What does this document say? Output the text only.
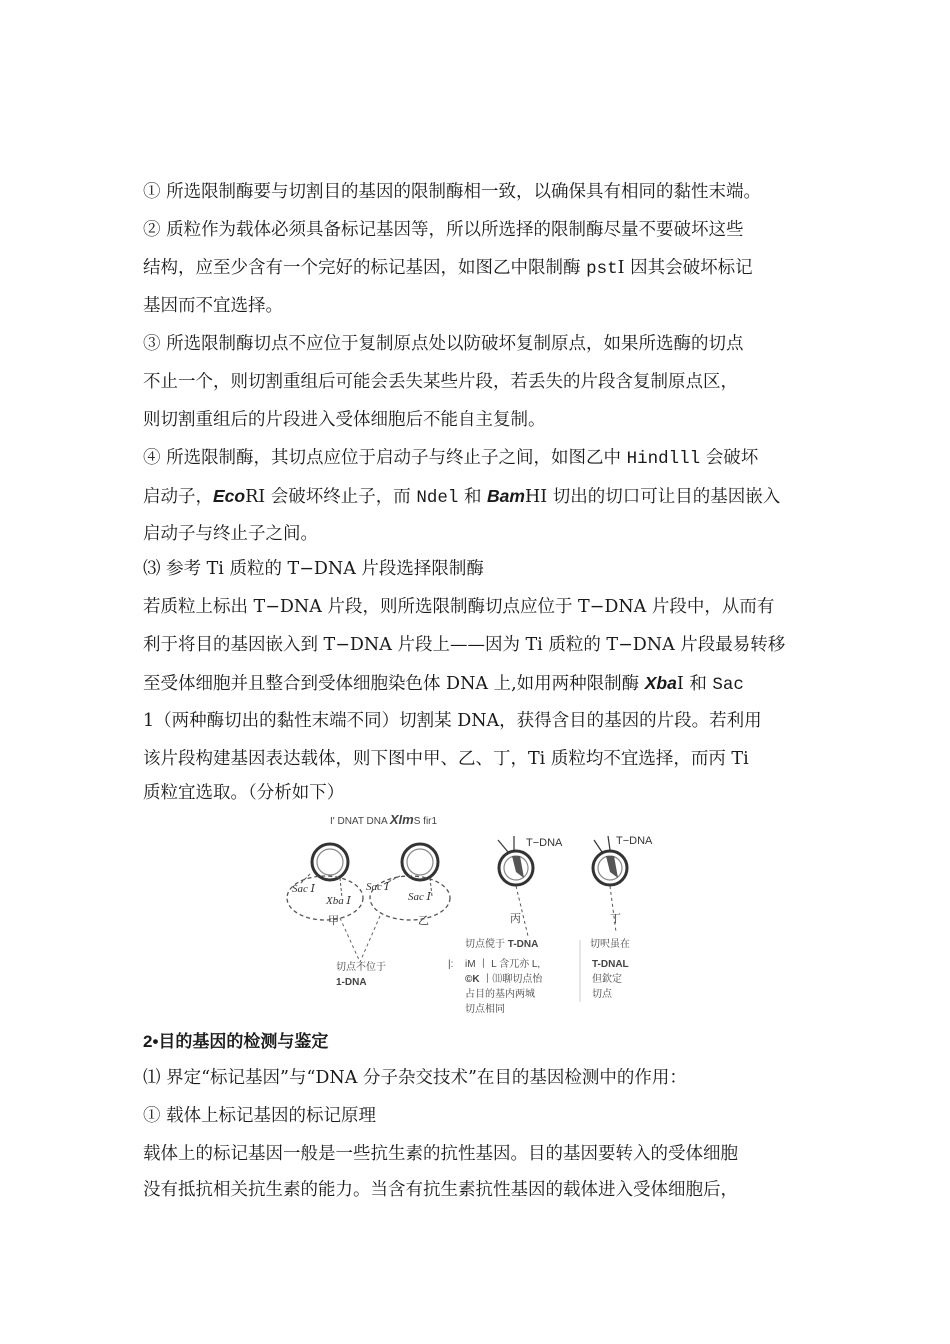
① 所选限制酶要与切割目的基因的限制酶相一致，以确保具有相同的黏性末端。
② 质粒作为载体必须具备标记基因等，所以所选择的限制酶尽量不要破坏这些
结构，应至少含有一个完好的标记基因，如图乙中限制酶 pstI 因其会破坏标记
基因而不宜选择。
③ 所选限制酶切点不应位于复制原点处以防破坏复制原点，如果所选酶的切点
不止一个，则切割重组后可能会丢失某些片段，若丢失的片段含复制原点区，
则切割重组后的片段进入受体细胞后不能自主复制。
④ 所选限制酶，其切点应位于启动子与终止子之间，如图乙中 Hindlll 会破坏
启动子，EcoRI 会破坏终止子，而 Ndel 和 BamHI 切出的切口可让目的基因嵌入
启动子与终止子之间。
⑶ 参考 Ti 质粒的 T−DNA 片段选择限制酶
若质粒上标出 T−DNA 片段，则所选限制酶切点应位于 T−DNA 片段中，从而有
利于将目的基因嵌入到 T−DNA 片段上——因为 Ti 质粒的 T−DNA 片段最易转移
至受体细胞并且整合到受体细胞染色体 DNA 上,如用两种限制酶 XbaI 和 Sac
1（两种酶切出的黏性末端不同）切割某 DNA，获得含目的基因的片段。若利用
该片段构建基因表达载体，则下图中甲、乙、丁，Ti 质粒均不宜选择，而丙 Ti
质粒宜选取。（分析如下）
I' DNAT DNA XImS fir1
Sac Ⅰ
Xba Ⅰ
甲
Sac Ⅰ
Sac Ⅰ
乙
T−DNA
丙
T−DNA
丁
切点不位于
1-DNA
切点傥于 T-DNA
|: iM 丨 L 含兀亦 L,
©K 丨⑾聊切点怡
占目的基内两城
切点相同
切呎虽在
T-DNAL
但欽定
切点
2•目的基因的检测与鉴定
⑴ 界定“标记基因”与“DNA 分子杂交技术”在目的基因检测中的作用：
① 载体上标记基因的标记原理
载体上的标记基因一般是一些抗生素的抗性基因。目的基因要转入的受体细胞
没有抵抗相关抗生素的能力。当含有抗生素抗性基因的载体进入受体细胞后，
